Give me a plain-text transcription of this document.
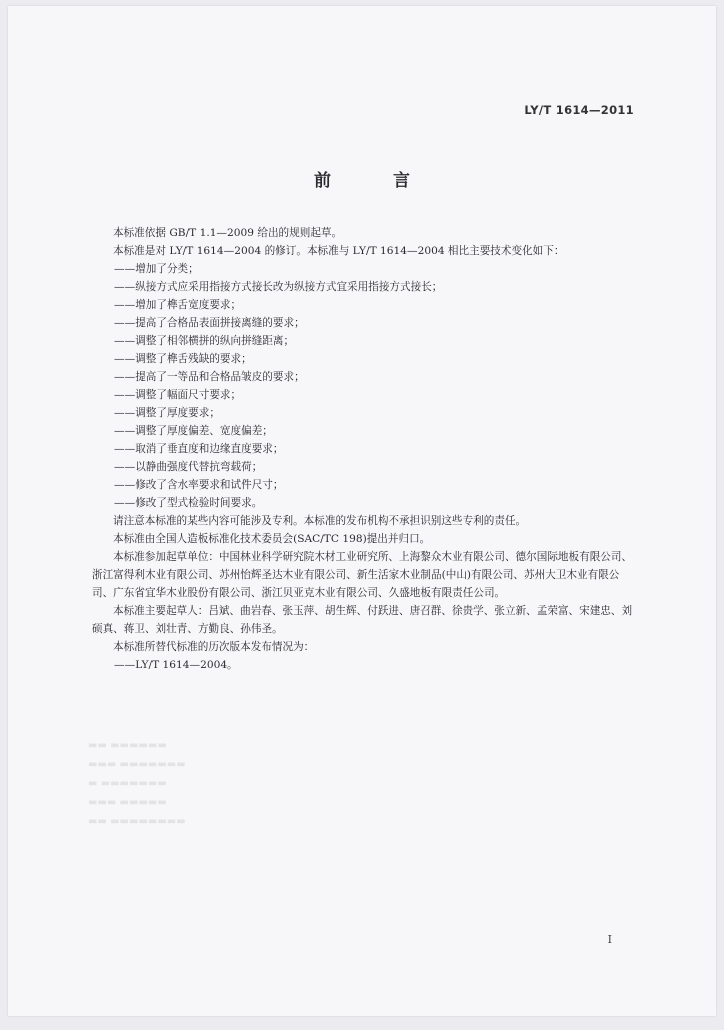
LY/T 1614—2011
前 言

本标准依据 GB/T 1.1—2009 给出的规则起草。

本标准是对 LY/T 1614—2004 的修订。本标准与 LY/T 1614—2004 相比主要技术变化如下：

——增加了分类；

——纵接方式应采用指接方式接长改为纵接方式宜采用指接方式接长；

——增加了榫舌宽度要求；

——提高了合格品表面拼接离缝的要求；

——调整了相邻横拼的纵向拼缝距离；

——调整了榫舌残缺的要求；

——提高了一等品和合格品皱皮的要求；

——调整了幅面尺寸要求；

——调整了厚度要求；

——调整了厚度偏差、宽度偏差；

——取消了垂直度和边缘直度要求；

——以静曲强度代替抗弯载荷；

——修改了含水率要求和试件尺寸；

——修改了型式检验时间要求。

请注意本标准的某些内容可能涉及专利。本标准的发布机构不承担识别这些专利的责任。

本标准由全国人造板标准化技术委员会(SAC/TC 198)提出并归口。

本标准参加起草单位：中国林业科学研究院木材工业研究所、上海黎众木业有限公司、德尔国际地板有限公司、浙江富得利木业有限公司、苏州怡辉圣达木业有限公司、新生活家木业制品(中山)有限公司、苏州大卫木业有限公司、广东省宜华木业股份有限公司、浙江贝亚克木业有限公司、久盛地板有限责任公司。

本标准主要起草人：吕斌、曲岩春、张玉萍、胡生辉、付跃进、唐召群、徐贵学、张立新、孟荣富、宋建忠、刘硕真、蒋卫、刘壮青、方勤良、孙伟圣。

本标准所替代标准的历次版本发布情况为：

——LY/T 1614—2004。

▬▬ ▬▬▬▬▬▬
▬▬▬ ▬▬▬▬▬▬▬
▬ ▬▬▬▬▬▬▬
▬▬▬ ▬▬▬▬▬
▬▬ ▬▬▬▬▬▬▬▬
I
